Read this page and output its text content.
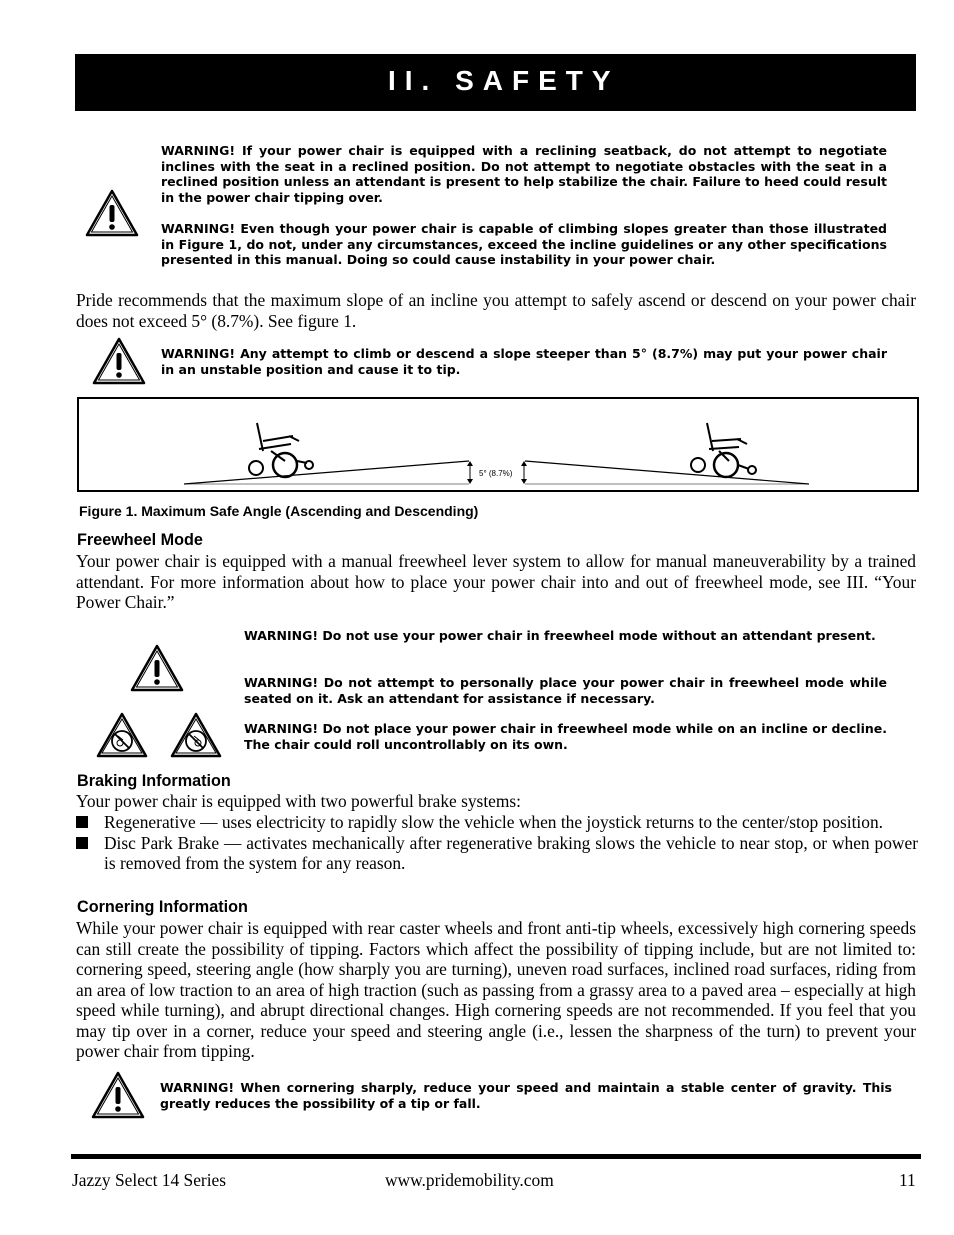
II. SAFETY
WARNING! If your power chair is equipped with a reclining seatback, do not attempt to negotiate inclines with the seat in a reclined position. Do not attempt to negotiate obstacles with the seat in a reclined position unless an attendant is present to help stabilize the chair. Failure to heed could result in the power chair tipping over.
WARNING! Even though your power chair is capable of climbing slopes greater than those illustrated in Figure 1, do not, under any circumstances, exceed the incline guidelines or any other specifications presented in this manual. Doing so could cause instability in your power chair.
Pride recommends that the maximum slope of an incline you attempt to safely ascend or descend on your power chair does not exceed 5° (8.7%). See figure 1.
WARNING! Any attempt to climb or descend a slope steeper than 5° (8.7%) may put your power chair in an unstable position and cause it to tip.
5° (8.7%)
Figure 1. Maximum Safe Angle (Ascending and Descending)
Freewheel Mode
Your power chair is equipped with a manual freewheel lever system to allow for manual maneuverability by a trained attendant. For more information about how to place your power chair into and out of freewheel mode, see III. “Your Power Chair.”
WARNING! Do not use your power chair in freewheel mode without an attendant present.
WARNING! Do not attempt to personally place your power chair in freewheel mode while seated on it. Ask an attendant for assistance if necessary.
WARNING! Do not place your power chair in freewheel mode while on an incline or decline. The chair could roll uncontrollably on its own.
Braking Information
Your power chair is equipped with two powerful brake systems:
Regenerative — uses electricity to rapidly slow the vehicle when the joystick returns to the center/stop position.
Disc Park Brake — activates mechanically after regenerative braking slows the vehicle to near stop, or when power is removed from the system for any reason.
Cornering Information
While your power chair is equipped with rear caster wheels and front anti-tip wheels, excessively high cornering speeds can still create the possibility of tipping. Factors which affect the possibility of tipping include, but are not limited to: cornering speed, steering angle (how sharply you are turning), uneven road surfaces, inclined road surfaces, riding from an area of low traction to an area of high traction (such as passing from a grassy area to a paved area – especially at high speed while turning), and abrupt directional changes. High cornering speeds are not recommended. If you feel that you may tip over in a corner, reduce your speed and steering angle (i.e., lessen the sharpness of the turn) to prevent your power chair from tipping.
WARNING! When cornering sharply, reduce your speed and maintain a stable center of gravity. This greatly reduces the possibility of a tip or fall.
Jazzy Select 14 Series	www.pridemobility.com	11
